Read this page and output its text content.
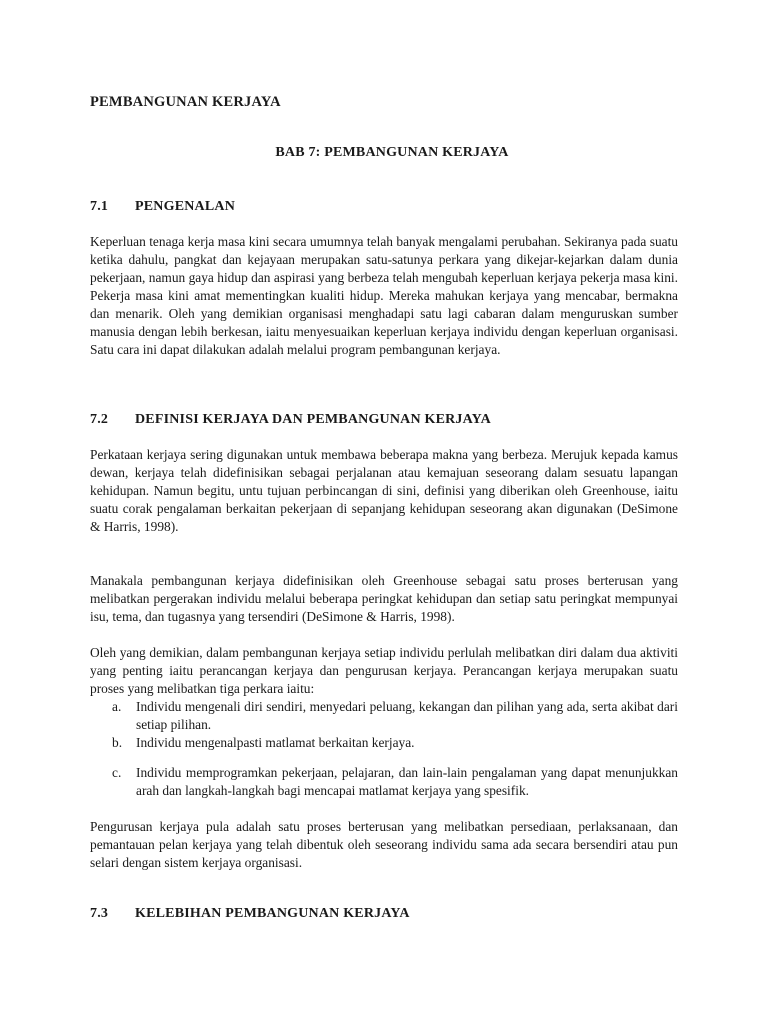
PEMBANGUNAN KERJAYA
BAB 7: PEMBANGUNAN KERJAYA
7.1 PENGENALAN

Keperluan tenaga kerja masa kini secara umumnya telah banyak mengalami perubahan. Sekiranya pada suatu ketika dahulu, pangkat dan kejayaan merupakan satu-satunya perkara yang dikejar-kejarkan dalam dunia pekerjaan, namun gaya hidup dan aspirasi yang berbeza telah mengubah keperluan kerjaya pekerja masa kini. Pekerja masa kini amat mementingkan kualiti hidup. Mereka mahukan kerjaya yang mencabar, bermakna dan menarik. Oleh yang demikian organisasi menghadapi satu lagi cabaran dalam menguruskan sumber manusia dengan lebih berkesan, iaitu menyesuaikan keperluan kerjaya individu dengan keperluan organisasi. Satu cara ini dapat dilakukan adalah melalui program pembangunan kerjaya.

7.2 DEFINISI KERJAYA DAN PEMBANGUNAN KERJAYA

Perkataan kerjaya sering digunakan untuk membawa beberapa makna yang berbeza. Merujuk kepada kamus dewan, kerjaya telah didefinisikan sebagai perjalanan atau kemajuan seseorang dalam sesuatu lapangan kehidupan. Namun begitu, untu tujuan perbincangan di sini, definisi yang diberikan oleh Greenhouse, iaitu suatu corak pengalaman berkaitan pekerjaan di sepanjang kehidupan seseorang akan digunakan (DeSimone & Harris, 1998).

Manakala pembangunan kerjaya didefinisikan oleh Greenhouse sebagai satu proses berterusan yang melibatkan pergerakan individu melalui beberapa peringkat kehidupan dan setiap satu peringkat mempunyai isu, tema, dan tugasnya yang tersendiri (DeSimone & Harris, 1998).

Oleh yang demikian, dalam pembangunan kerjaya setiap individu perlulah melibatkan diri dalam dua aktiviti yang penting iaitu perancangan kerjaya dan pengurusan kerjaya. Perancangan kerjaya merupakan suatu proses yang melibatkan tiga perkara iaitu:

a. Individu mengenali diri sendiri, menyedari peluang, kekangan dan pilihan yang ada, serta akibat dari setiap pilihan.
b. Individu mengenalpasti matlamat berkaitan kerjaya.
c. Individu memprogramkan pekerjaan, pelajaran, dan lain-lain pengalaman yang dapat menunjukkan arah dan langkah-langkah bagi mencapai matlamat kerjaya yang spesifik.

Pengurusan kerjaya pula adalah satu proses berterusan yang melibatkan persediaan, perlaksanaan, dan pemantauan pelan kerjaya yang telah dibentuk oleh seseorang individu sama ada secara bersendiri atau pun selari dengan sistem kerjaya organisasi.

7.3 KELEBIHAN PEMBANGUNAN KERJAYA
